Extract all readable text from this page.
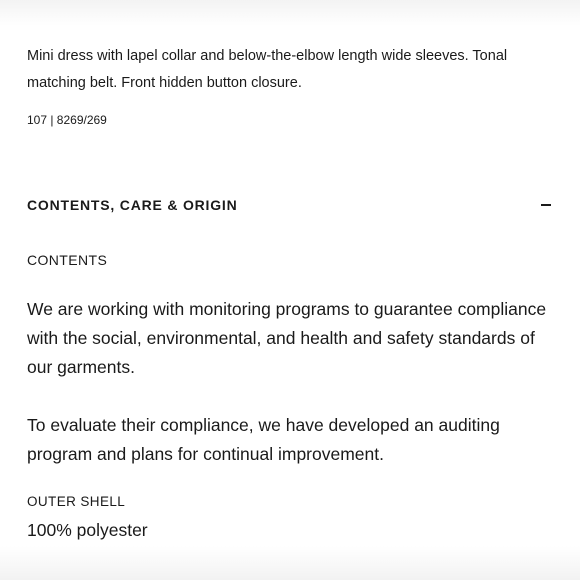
Mini dress with lapel collar and below-the-elbow length wide sleeves. Tonal matching belt. Front hidden button closure.

107 | 8269/269

CONTENTS, CARE & ORIGIN

CONTENTS

We are working with monitoring programs to guarantee compliance with the social, environmental, and health and safety standards of our garments.

To evaluate their compliance, we have developed an auditing program and plans for continual improvement.

OUTER SHELL

100% polyester
